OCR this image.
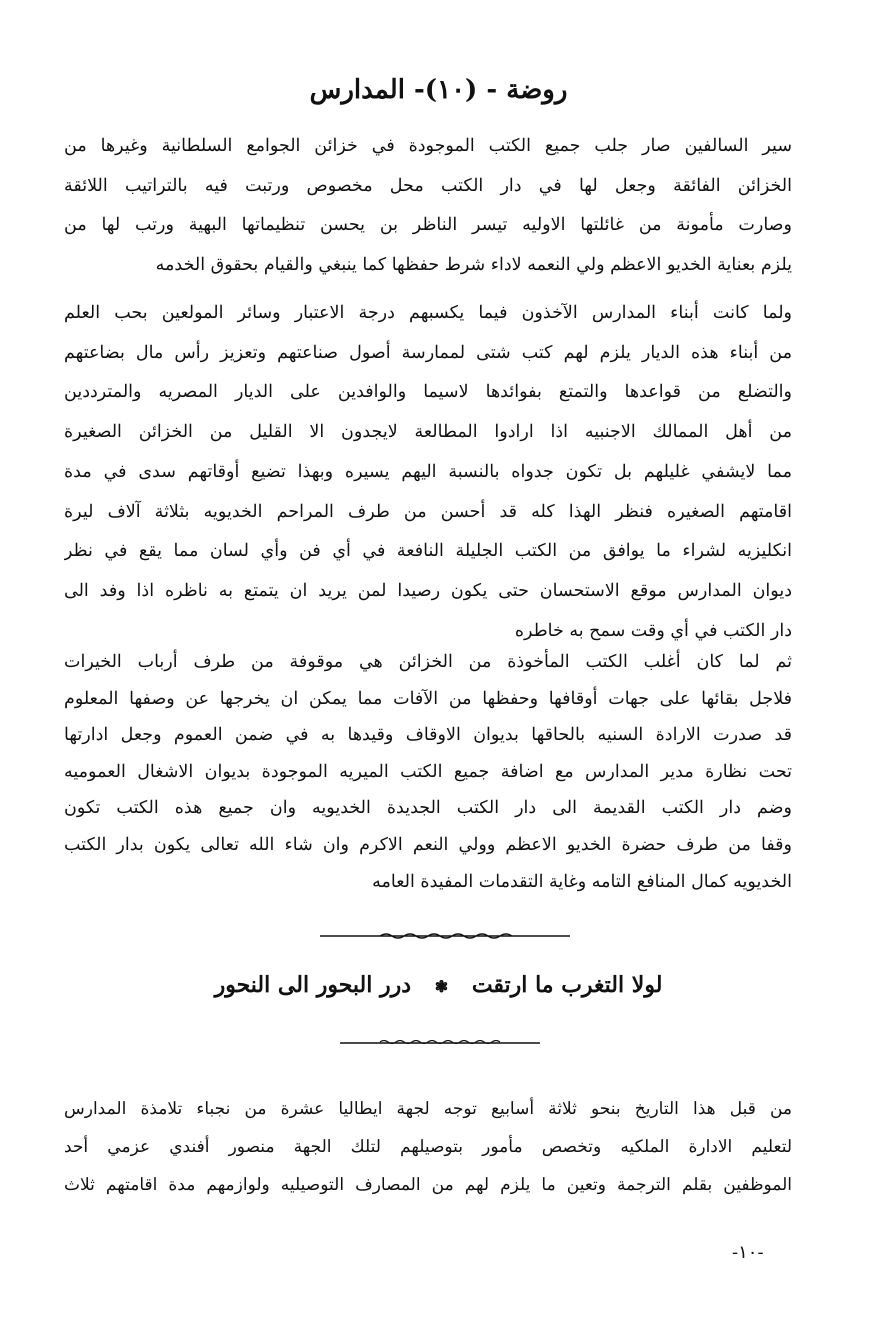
روضة - (١٠)- المدارس
سير السالفين صار جلب جميع الكتب الموجودة في خزائن الجوامع السلطانية وغيرها من
الخزائن الفائقة وجعل لها في دار الكتب محل مخصوص ورتبت فيه بالتراتيب اللائقة
وصارت مأمونة من غائلتها الاوليه تيسر الناظر بن يحسن تنظيماتها البهية ورتب لها من
يلزم بعناية الخديو الاعظم ولي النعمه لاداء شرط حفظها كما ينبغي والقيام بحقوق الخدمه
ولما كانت أبناء المدارس الآخذون فيما يكسبهم درجة الاعتبار وسائر المولعين بحب العلم
من أبناء هذه الديار يلزم لهم كتب شتى لممارسة أصول صناعتهم وتعزيز رأس مال بضاعتهم
والتضلع من قواعدها والتمتع بفوائدها لاسيما والوافدين على الديار المصريه والمترددين
من أهل الممالك الاجنبيه اذا ارادوا المطالعة لايجدون الا القليل من الخزائن الصغيرة
مما لايشفي غليلهم بل تكون جدواه بالنسبة اليهم يسيره وبهذا تضيع أوقاتهم سدى في مدة
اقامتهم الصغيره فنظر الهذا كله قد أحسن من طرف المراحم الخديويه بثلاثة آلاف ليرة
انكليزيه لشراء ما يوافق من الكتب الجليلة النافعة في أي فن وأي لسان مما يقع في نظر
ديوان المدارس موقع الاستحسان حتى يكون رصيدا لمن يريد ان يتمتع به ناظره اذا وفد الى
دار الكتب في أي وقت سمح به خاطره
ثم لما كان أغلب الكتب المأخوذة من الخزائن هي موقوفة من طرف أرباب الخيرات
فلاجل بقائها على جهات أوقافها وحفظها من الآفات مما يمكن ان يخرجها عن وصفها المعلوم
قد صدرت الارادة السنيه بالحاقها بديوان الاوقاف وقيدها به في ضمن العموم وجعل ادارتها
تحت نظارة مدير المدارس مع اضافة جميع الكتب الميريه الموجودة بديوان الاشغال العموميه
وضم دار الكتب القديمة الى دار الكتب الجديدة الخديويه وان جميع هذه الكتب تكون
وقفا من طرف حضرة الخديو الاعظم وولي النعم الاكرم وان شاء الله تعالى يكون بدار الكتب
الخديويه كمال المنافع التامه وغاية التقدمات المفيدة العامه
لولا التغرب ما ارتقت ❃ درر البحور الى النحور
من قبل هذا التاريخ بنحو ثلاثة أسابيع توجه لجهة ايطاليا عشرة من نجباء تلامذة المدارس
لتعليم الادارة الملكيه وتخصص مأمور بتوصيلهم لتلك الجهة منصور أفندي عزمي أحد
الموظفين بقلم الترجمة وتعين ما يلزم لهم من المصارف التوصيليه ولوازمهم مدة اقامتهم ثلاث
-١٠-
